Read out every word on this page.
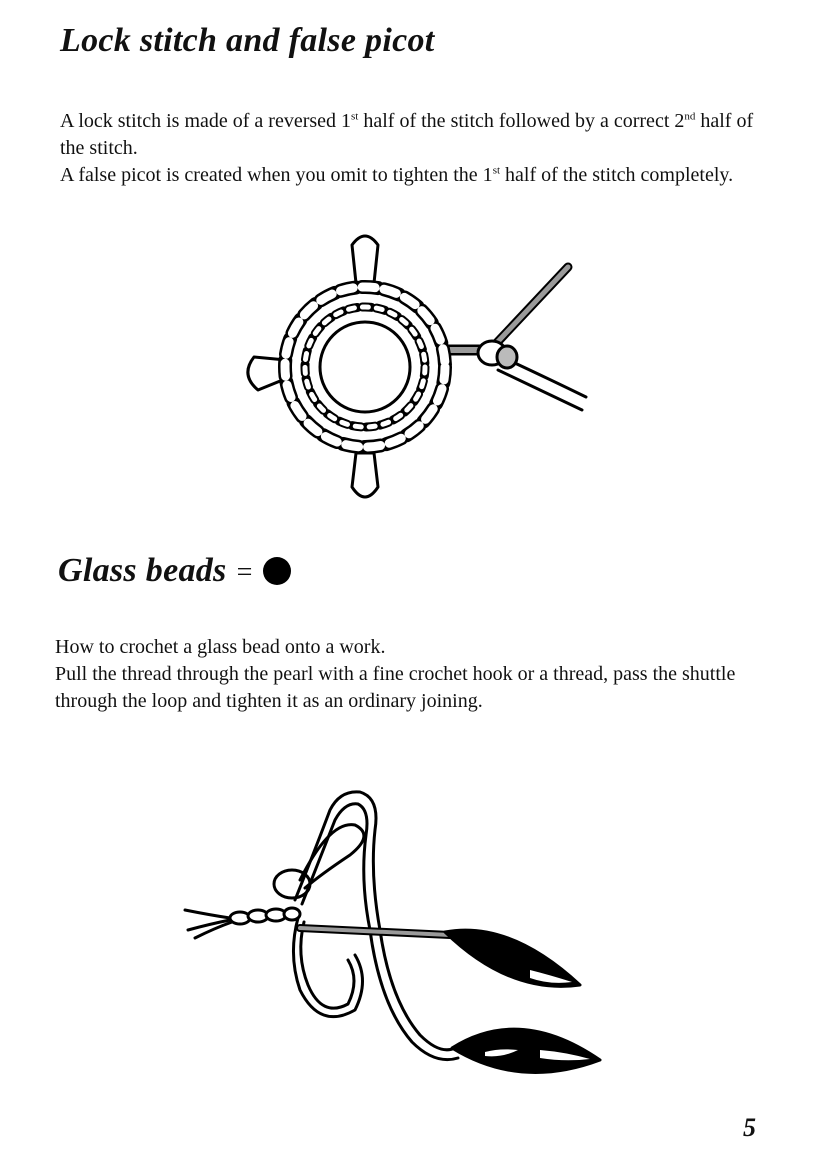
Lock stitch and false picot

A lock stitch is made of a reversed 1st half of the stitch followed by a correct 2nd half of the stitch.

A false picot is created when you omit to tighten the 1st half of the stitch completely.

Glass beads =

How to crochet a glass bead onto a work.

Pull the thread through the pearl with a fine crochet hook or a thread, pass the shuttle through the loop and tighten it as an ordinary joining.

5
